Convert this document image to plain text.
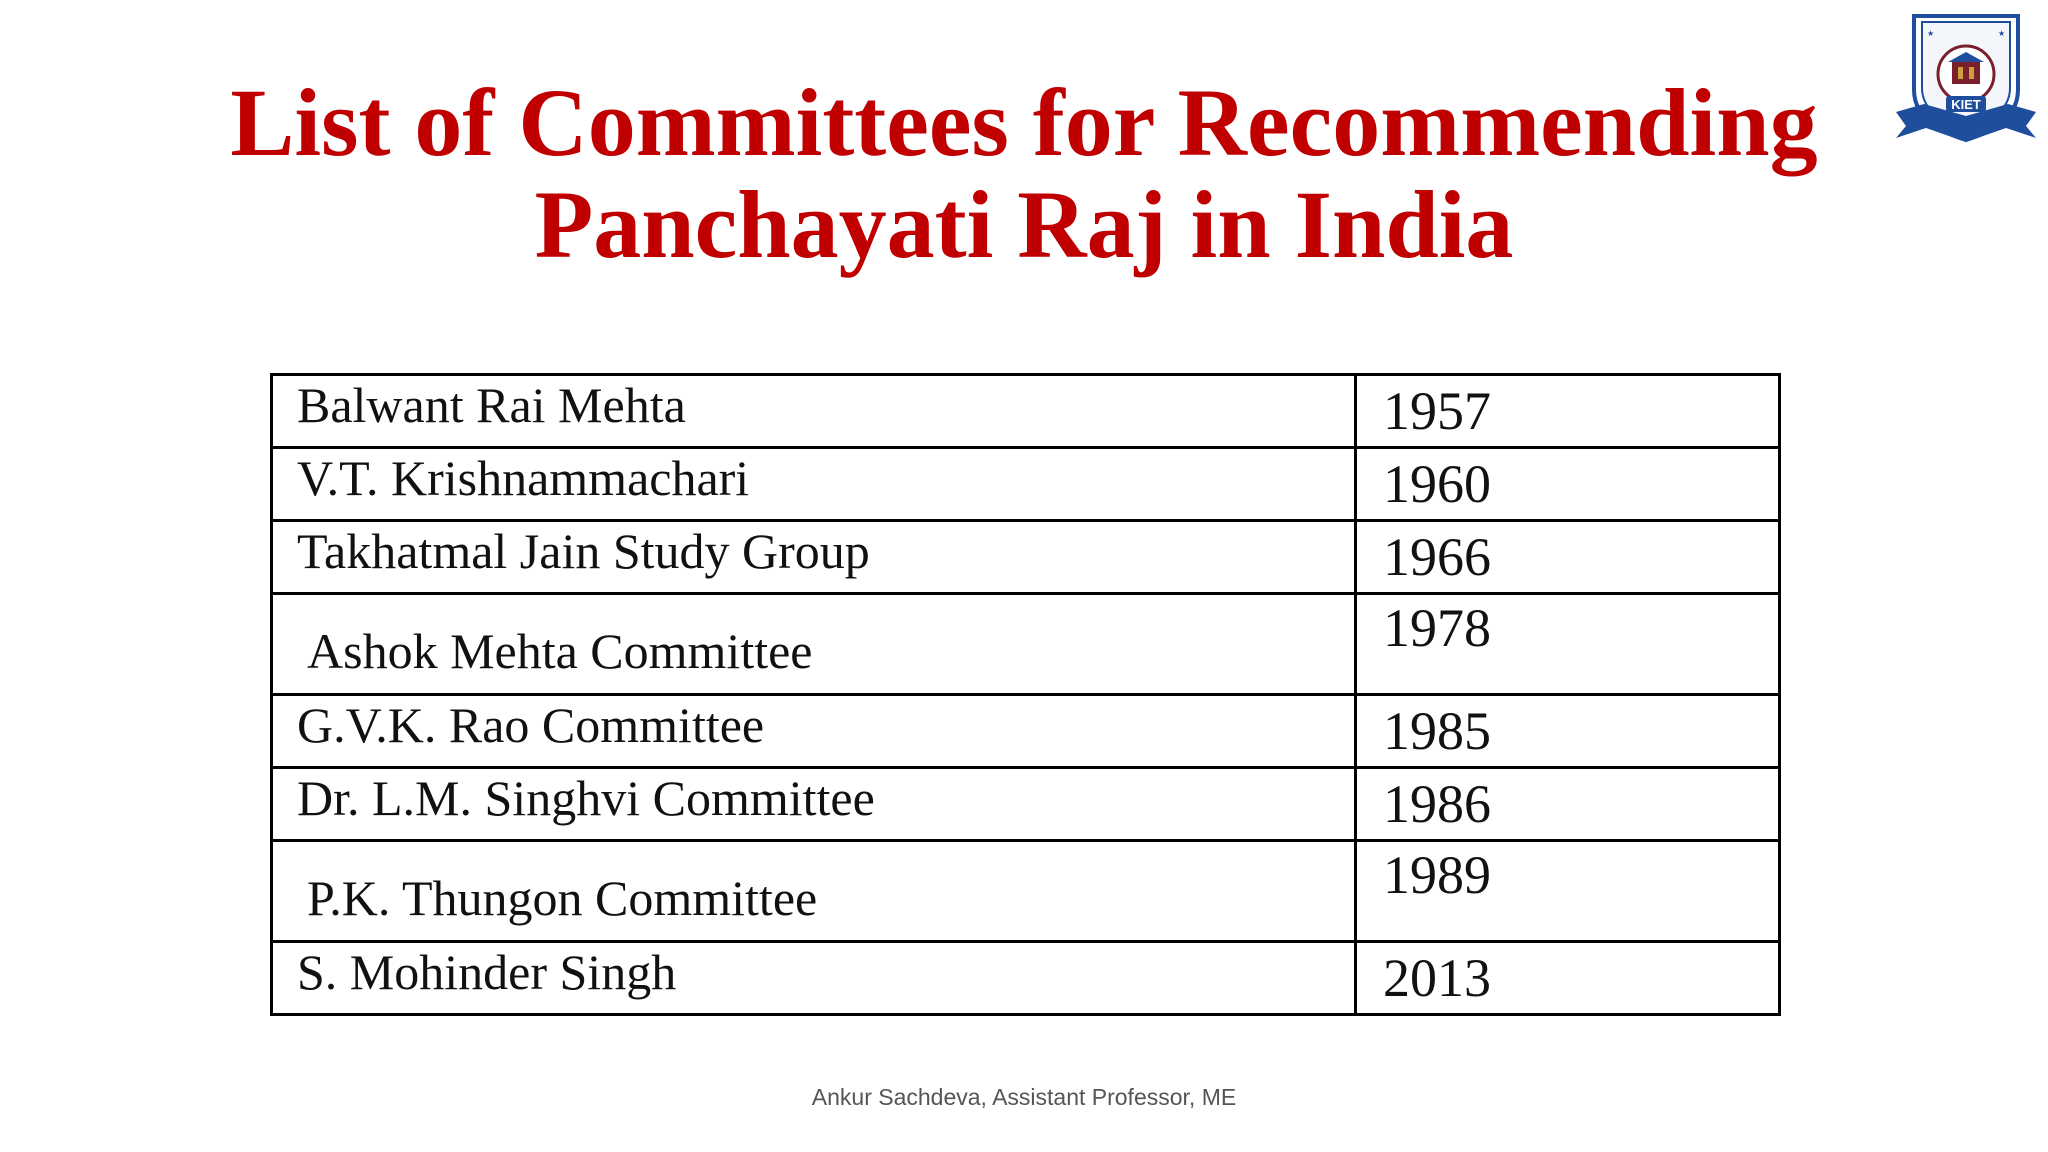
List of Committees for Recommending
Panchayati Raj in India
KIET
★	★
Balwant Rai Mehta	1957
V.T. Krishnammachari	1960
Takhatmal Jain Study Group	1966
Ashok Mehta Committee	1978
G.V.K. Rao Committee	1985
Dr. L.M. Singhvi Committee	1986
P.K. Thungon Committee	1989
S. Mohinder Singh	2013
Ankur Sachdeva, Assistant Professor, ME
